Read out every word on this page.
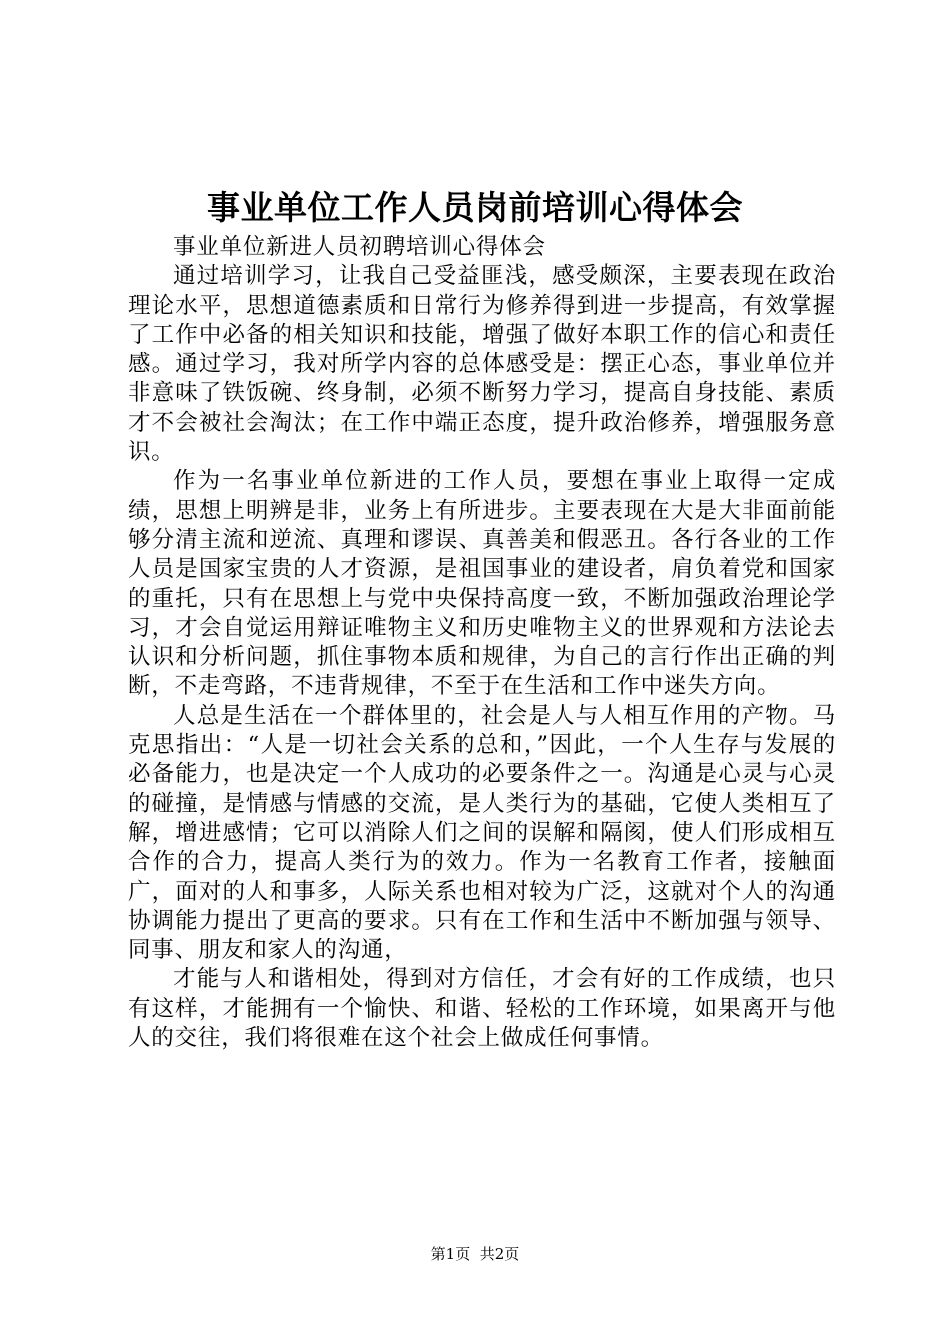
事业单位工作人员岗前培训心得体会

事业单位新进人员初聘培训心得体会

通过培训学习，让我自己受益匪浅，感受颇深，主要表现在政治理论水平，思想道德素质和日常行为修养得到进一步提高，有效掌握了工作中必备的相关知识和技能，增强了做好本职工作的信心和责任感。通过学习，我对所学内容的总体感受是：摆正心态，事业单位并非意味了铁饭碗、终身制，必须不断努力学习，提高自身技能、素质才不会被社会淘汰；在工作中端正态度，提升政治修养，增强服务意识。

作为一名事业单位新进的工作人员，要想在事业上取得一定成绩，思想上明辨是非，业务上有所进步。主要表现在大是大非面前能够分清主流和逆流、真理和谬误、真善美和假恶丑。各行各业的工作人员是国家宝贵的人才资源，是祖国事业的建设者，肩负着党和国家的重托，只有在思想上与党中央保持高度一致，不断加强政治理论学习，才会自觉运用辩证唯物主义和历史唯物主义的世界观和方法论去认识和分析问题，抓住事物本质和规律，为自己的言行作出正确的判断，不走弯路，不违背规律，不至于在生活和工作中迷失方向。

人总是生活在一个群体里的，社会是人与人相互作用的产物。马克思指出：“人是一切社会关系的总和，”因此，一个人生存与发展的必备能力，也是决定一个人成功的必要条件之一。沟通是心灵与心灵的碰撞，是情感与情感的交流，是人类行为的基础，它使人类相互了解，增进感情；它可以消除人们之间的误解和隔阂，使人们形成相互合作的合力，提高人类行为的效力。作为一名教育工作者，接触面广，面对的人和事多，人际关系也相对较为广泛，这就对个人的沟通协调能力提出了更高的要求。只有在工作和生活中不断加强与领导、同事、朋友和家人的沟通，

才能与人和谐相处，得到对方信任，才会有好的工作成绩，也只有这样，才能拥有一个愉快、和谐、轻松的工作环境，如果离开与他人的交往，我们将很难在这个社会上做成任何事情。

第1页 共2页
